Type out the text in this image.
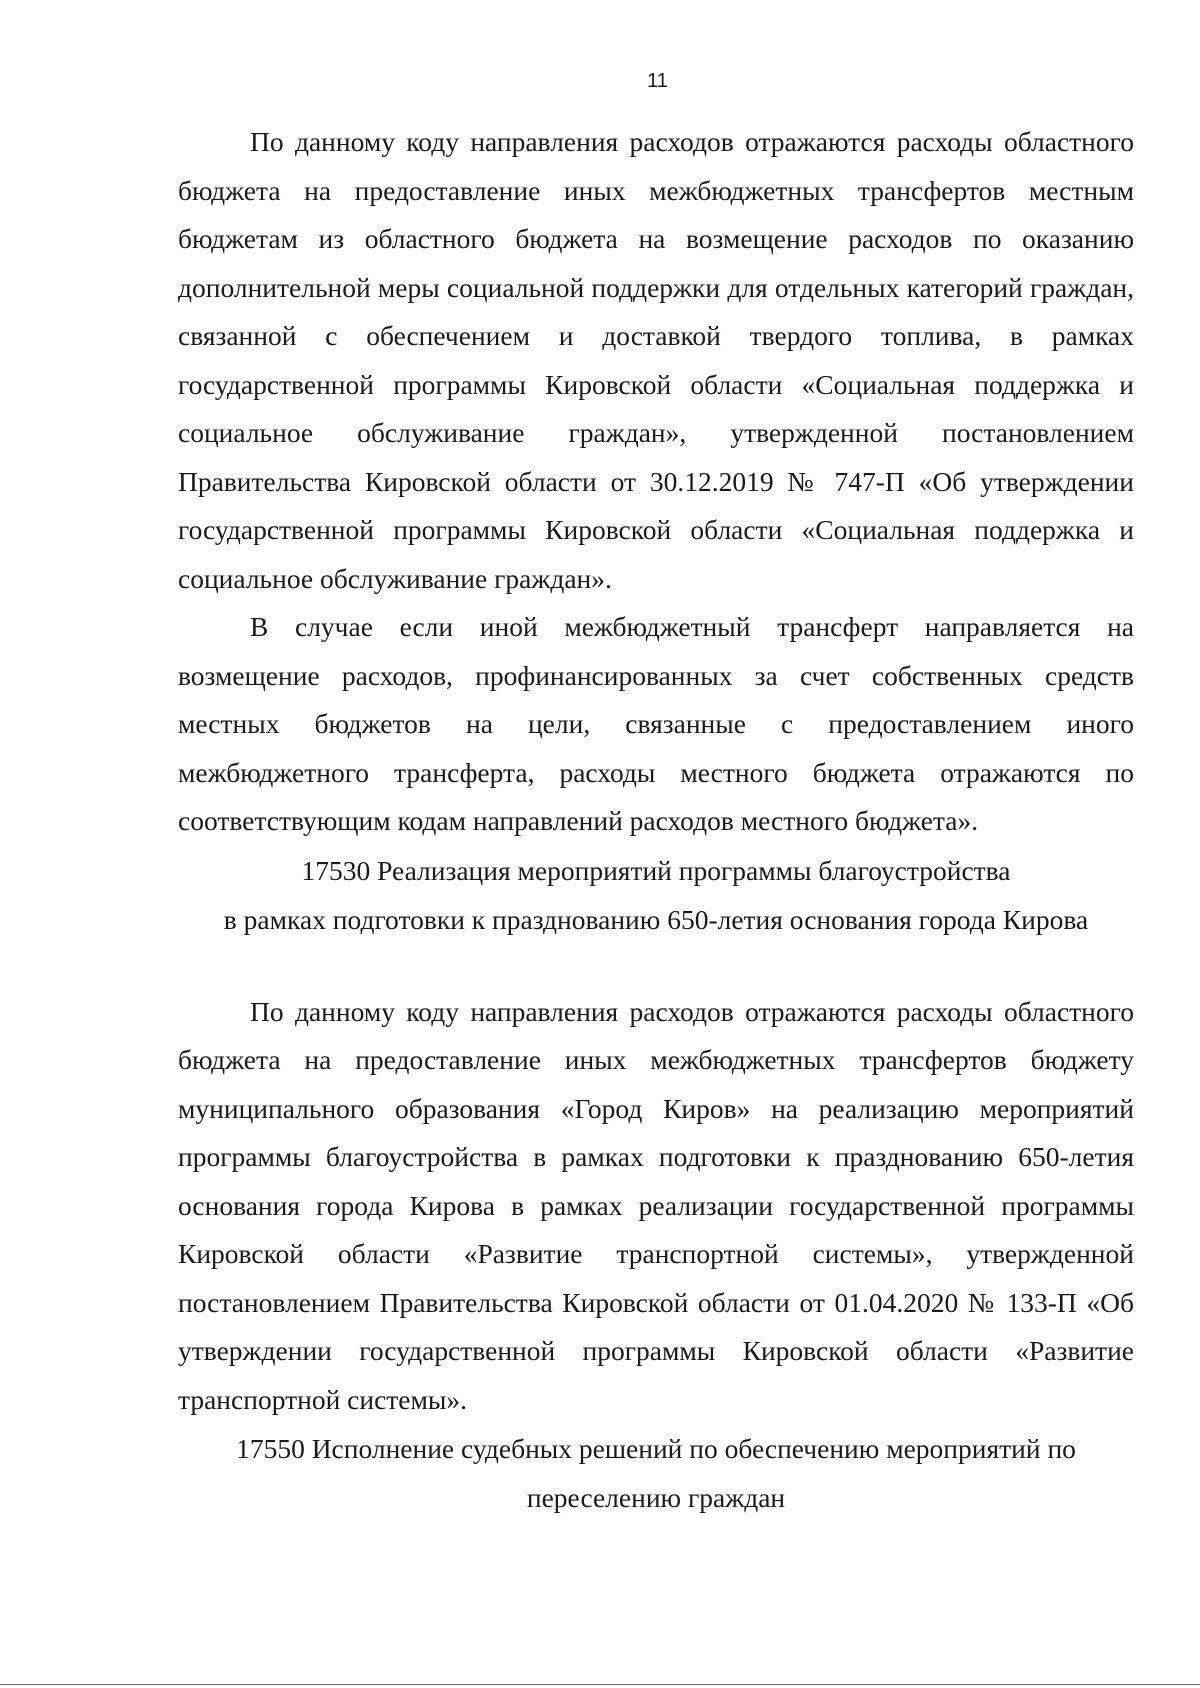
11

По данному коду направления расходов отражаются расходы областного бюджета на предоставление иных межбюджетных трансфертов местным бюджетам из областного бюджета на возмещение расходов по оказанию дополнительной меры социальной поддержки для отдельных категорий граждан, связанной с обеспечением и доставкой твердого топлива, в рамках государственной программы Кировской области «Социальная поддержка и социальное обслуживание граждан», утвержденной постановлением Правительства Кировской области от 30.12.2019 № 747-П «Об утверждении государственной программы Кировской области «Социальная поддержка и социальное обслуживание граждан».

В случае если иной межбюджетный трансферт направляется на возмещение расходов, профинансированных за счет собственных средств местных бюджетов на цели, связанные с предоставлением иного межбюджетного трансферта, расходы местного бюджета отражаются по соответствующим кодам направлений расходов местного бюджета».

17530 Реализация мероприятий программы благоустройства

в рамках подготовки к празднованию 650-летия основания города Кирова

По данному коду направления расходов отражаются расходы областного бюджета на предоставление иных межбюджетных трансфертов бюджету муниципального образования «Город Киров» на реализацию мероприятий программы благоустройства в рамках подготовки к празднованию 650-летия основания города Кирова в рамках реализации государственной программы Кировской области «Развитие транспортной системы», утвержденной постановлением Правительства Кировской области от 01.04.2020 № 133-П «Об утверждении государственной программы Кировской области «Развитие транспортной системы».

17550 Исполнение судебных решений по обеспечению мероприятий по

переселению граждан
